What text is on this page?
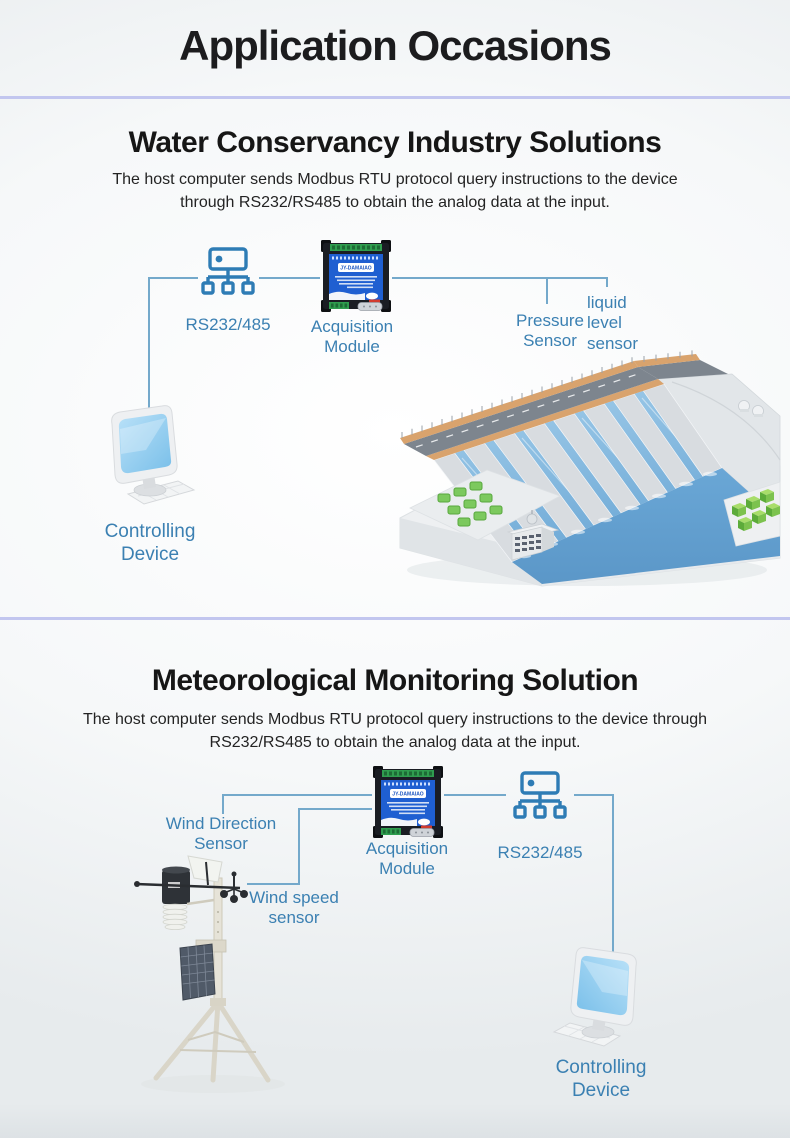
Application Occasions
Water Conservancy Industry Solutions
The host computer sends Modbus RTU protocol query instructions to the device through RS232/RS485 to obtain the analog data at the input.
RS232/485
JY-DAMAIAO
Acquisition Module
Pressure Sensor
liquid level sensor
Controlling Device
Meteorological Monitoring Solution
The host computer sends Modbus RTU protocol query instructions to the device through RS232/RS485 to obtain the analog data at the input.
JY-DAMAIAO
Acquisition Module
RS232/485
Wind Direction Sensor
Wind speed sensor
Controlling Device
